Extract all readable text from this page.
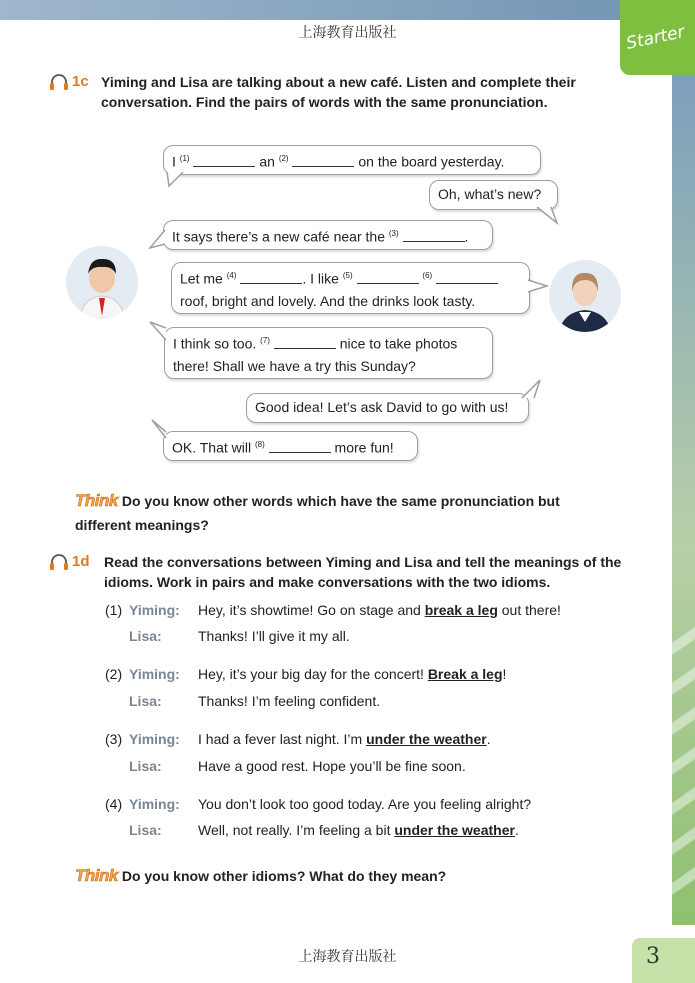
上海教育出版社	Starter
1c Yiming and Lisa are talking about a new café. Listen and complete their
conversation. Find the pairs of words with the same pronunciation.
I $^{(1)}$	an $^{(2)}$	on the board yesterday.
Oh, what’s new?
It says there’s a new café near the $^{(3)}$	.
Let me $^{(4)}$	. I like $^{(5)}$	$^{(6)}$
roof, bright and lovely. And the drinks look tasty.
I think so too. $^{(7)}$	nice to take photos
there! Shall we have a try this Sunday?
Good idea! Let’s ask David to go with us!
OK. That will $^{(8)}$	more fun!
Think Do you know other words which have the same pronunciation but
different meanings?
1d Read the conversations between Yiming and Lisa and tell the meanings of the
idioms. Work in pairs and make conversations with the two idioms.
(1) Yiming: Hey, it’s showtime! Go on stage and break a leg out there!
Lisa:	Thanks! I’ll give it my all.
(2) Yiming: Hey, it’s your big day for the concert! Break a leg!
Lisa:	Thanks! I’m feeling confident.
(3) Yiming: I had a fever last night. I’m under the weather.
Lisa:	Have a good rest. Hope you’ll be fine soon.
(4) Yiming: You don’t look too good today. Are you feeling alright?
Lisa:	Well, not really. I’m feeling a bit under the weather.
Think Do you know other idioms? What do they mean?
上海教育出版社	3
